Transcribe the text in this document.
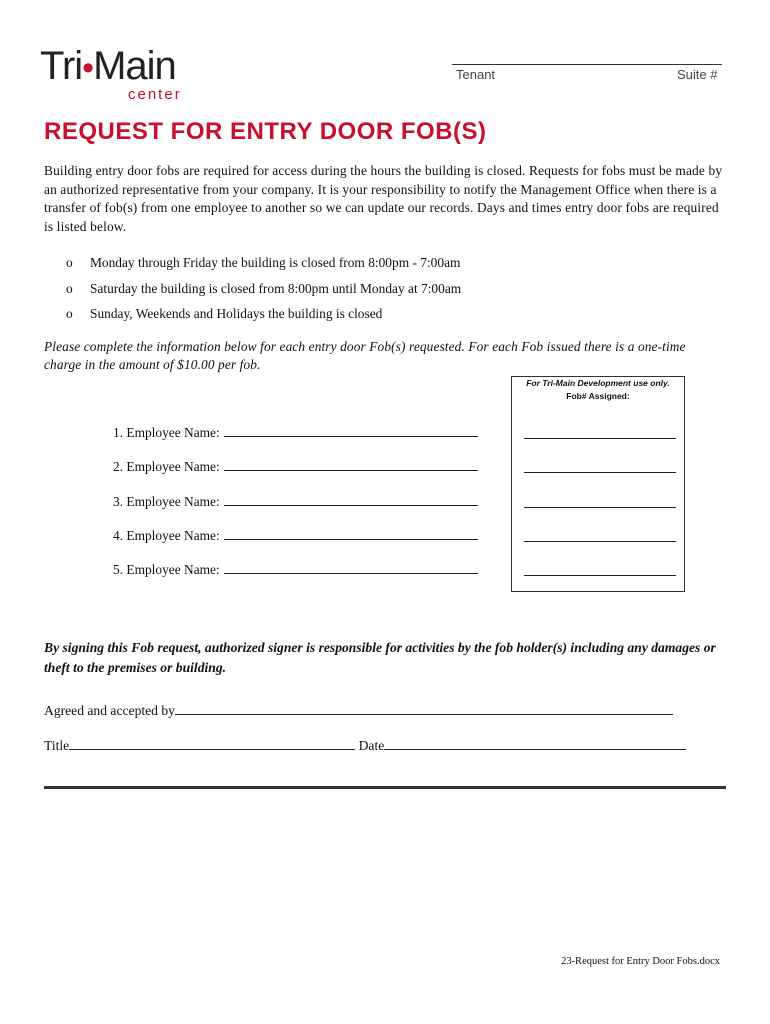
Tri•Main
center
Tenant	Suite #
REQUEST FOR ENTRY DOOR FOB(S)
Building entry door fobs are required for access during the hours the building is closed. Requests for fobs must be made by an authorized representative from your company. It is your responsibility to notify the Management Office when there is a transfer of fob(s) from one employee to another so we can update our records. Days and times entry door fobs are required is listed below.
o Monday through Friday the building is closed from 8:00pm - 7:00am
o Saturday the building is closed from 8:00pm until Monday at 7:00am
o Sunday, Weekends and Holidays the building is closed
Please complete the information below for each entry door Fob(s) requested. For each Fob issued there is a one-time charge in the amount of $10.00 per fob.
For Tri-Main Development use only.
Fob# Assigned:
1. Employee Name:
2. Employee Name:
3. Employee Name:
4. Employee Name:
5. Employee Name:
By signing this Fob request, authorized signer is responsible for activities by the fob holder(s) including any damages or theft to the premises or building.
Agreed and accepted by
Title	Date
23-Request for Entry Door Fobs.docx
